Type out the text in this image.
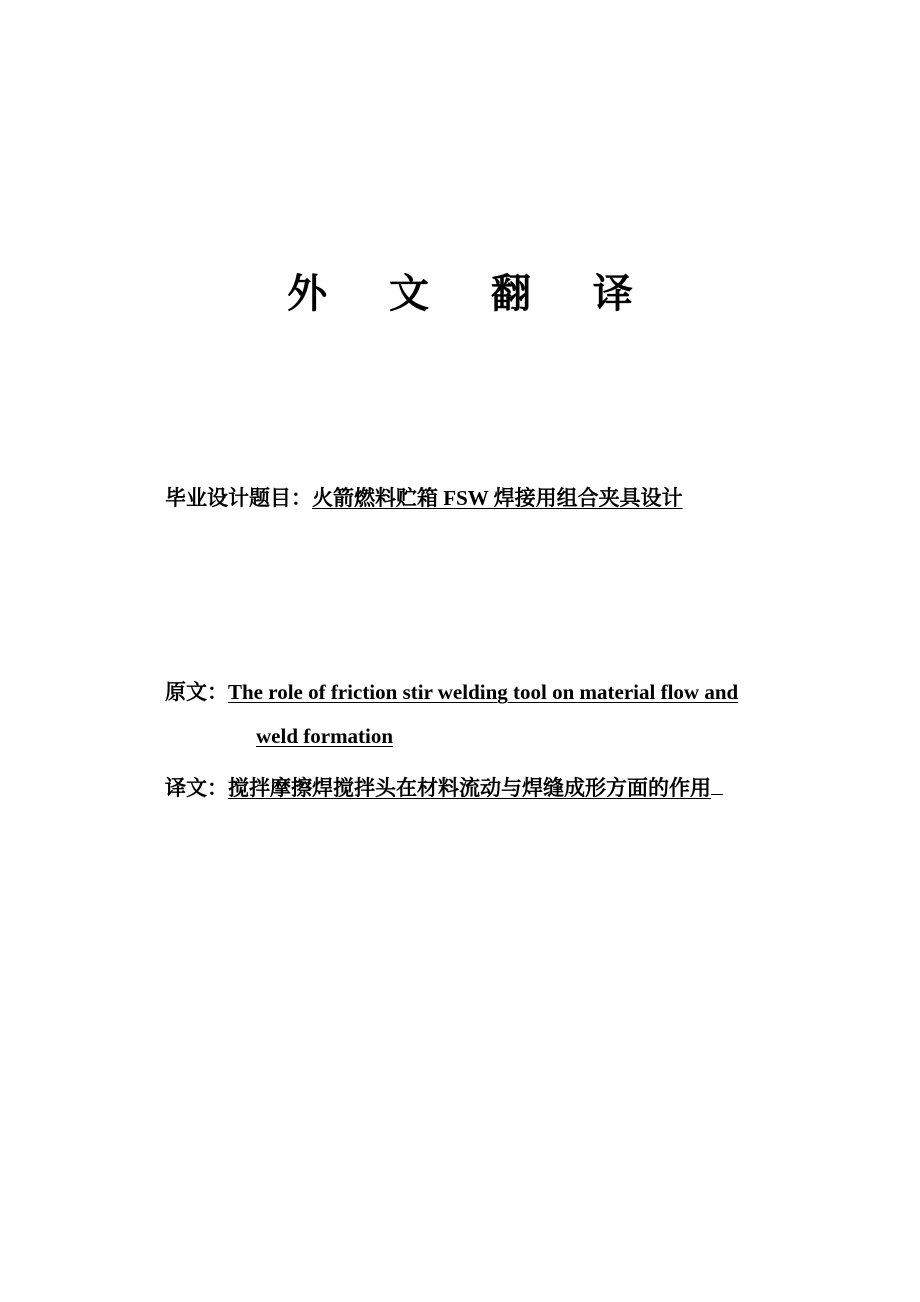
外 文 翻 译
毕业设计题目：火箭燃料贮箱 FSW 焊接用组合夹具设计
原文：The role of friction stir welding tool on material flow and
weld formation
译文：搅拌摩擦焊搅拌头在材料流动与焊缝成形方面的作用
